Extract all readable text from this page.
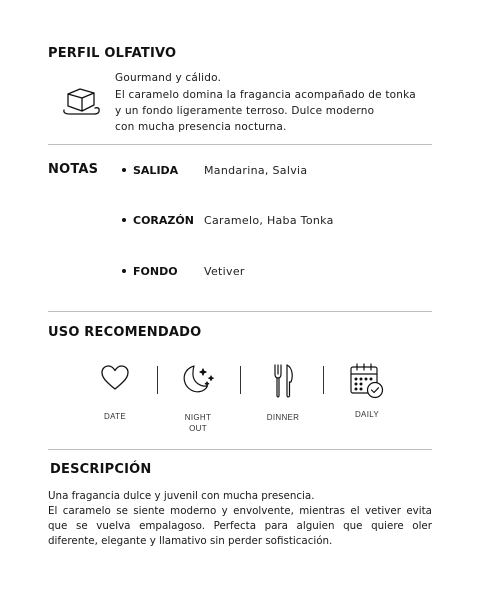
PERFIL OLFATIVO
Gourmand y cálido.
El caramelo domina la fragancia acompañado de tonka
y un fondo ligeramente terroso. Dulce moderno
con mucha presencia nocturna.
NOTAS	SALIDA Mandarina, Salvia
CORAZÓN Caramelo, Haba Tonka
FONDO Vetiver
USO RECOMENDADO
DATE	NIGHT
OUT
DINNER	DAILY
DESCRIPCIÓN
Una fragancia dulce y juvenil con mucha presencia.
El caramelo se siente moderno y envolvente, mientras el vetiver evita que se vuelva empalagoso. Perfecta para alguien que quiere oler diferente, elegante y llamativo sin perder sofisticación.
